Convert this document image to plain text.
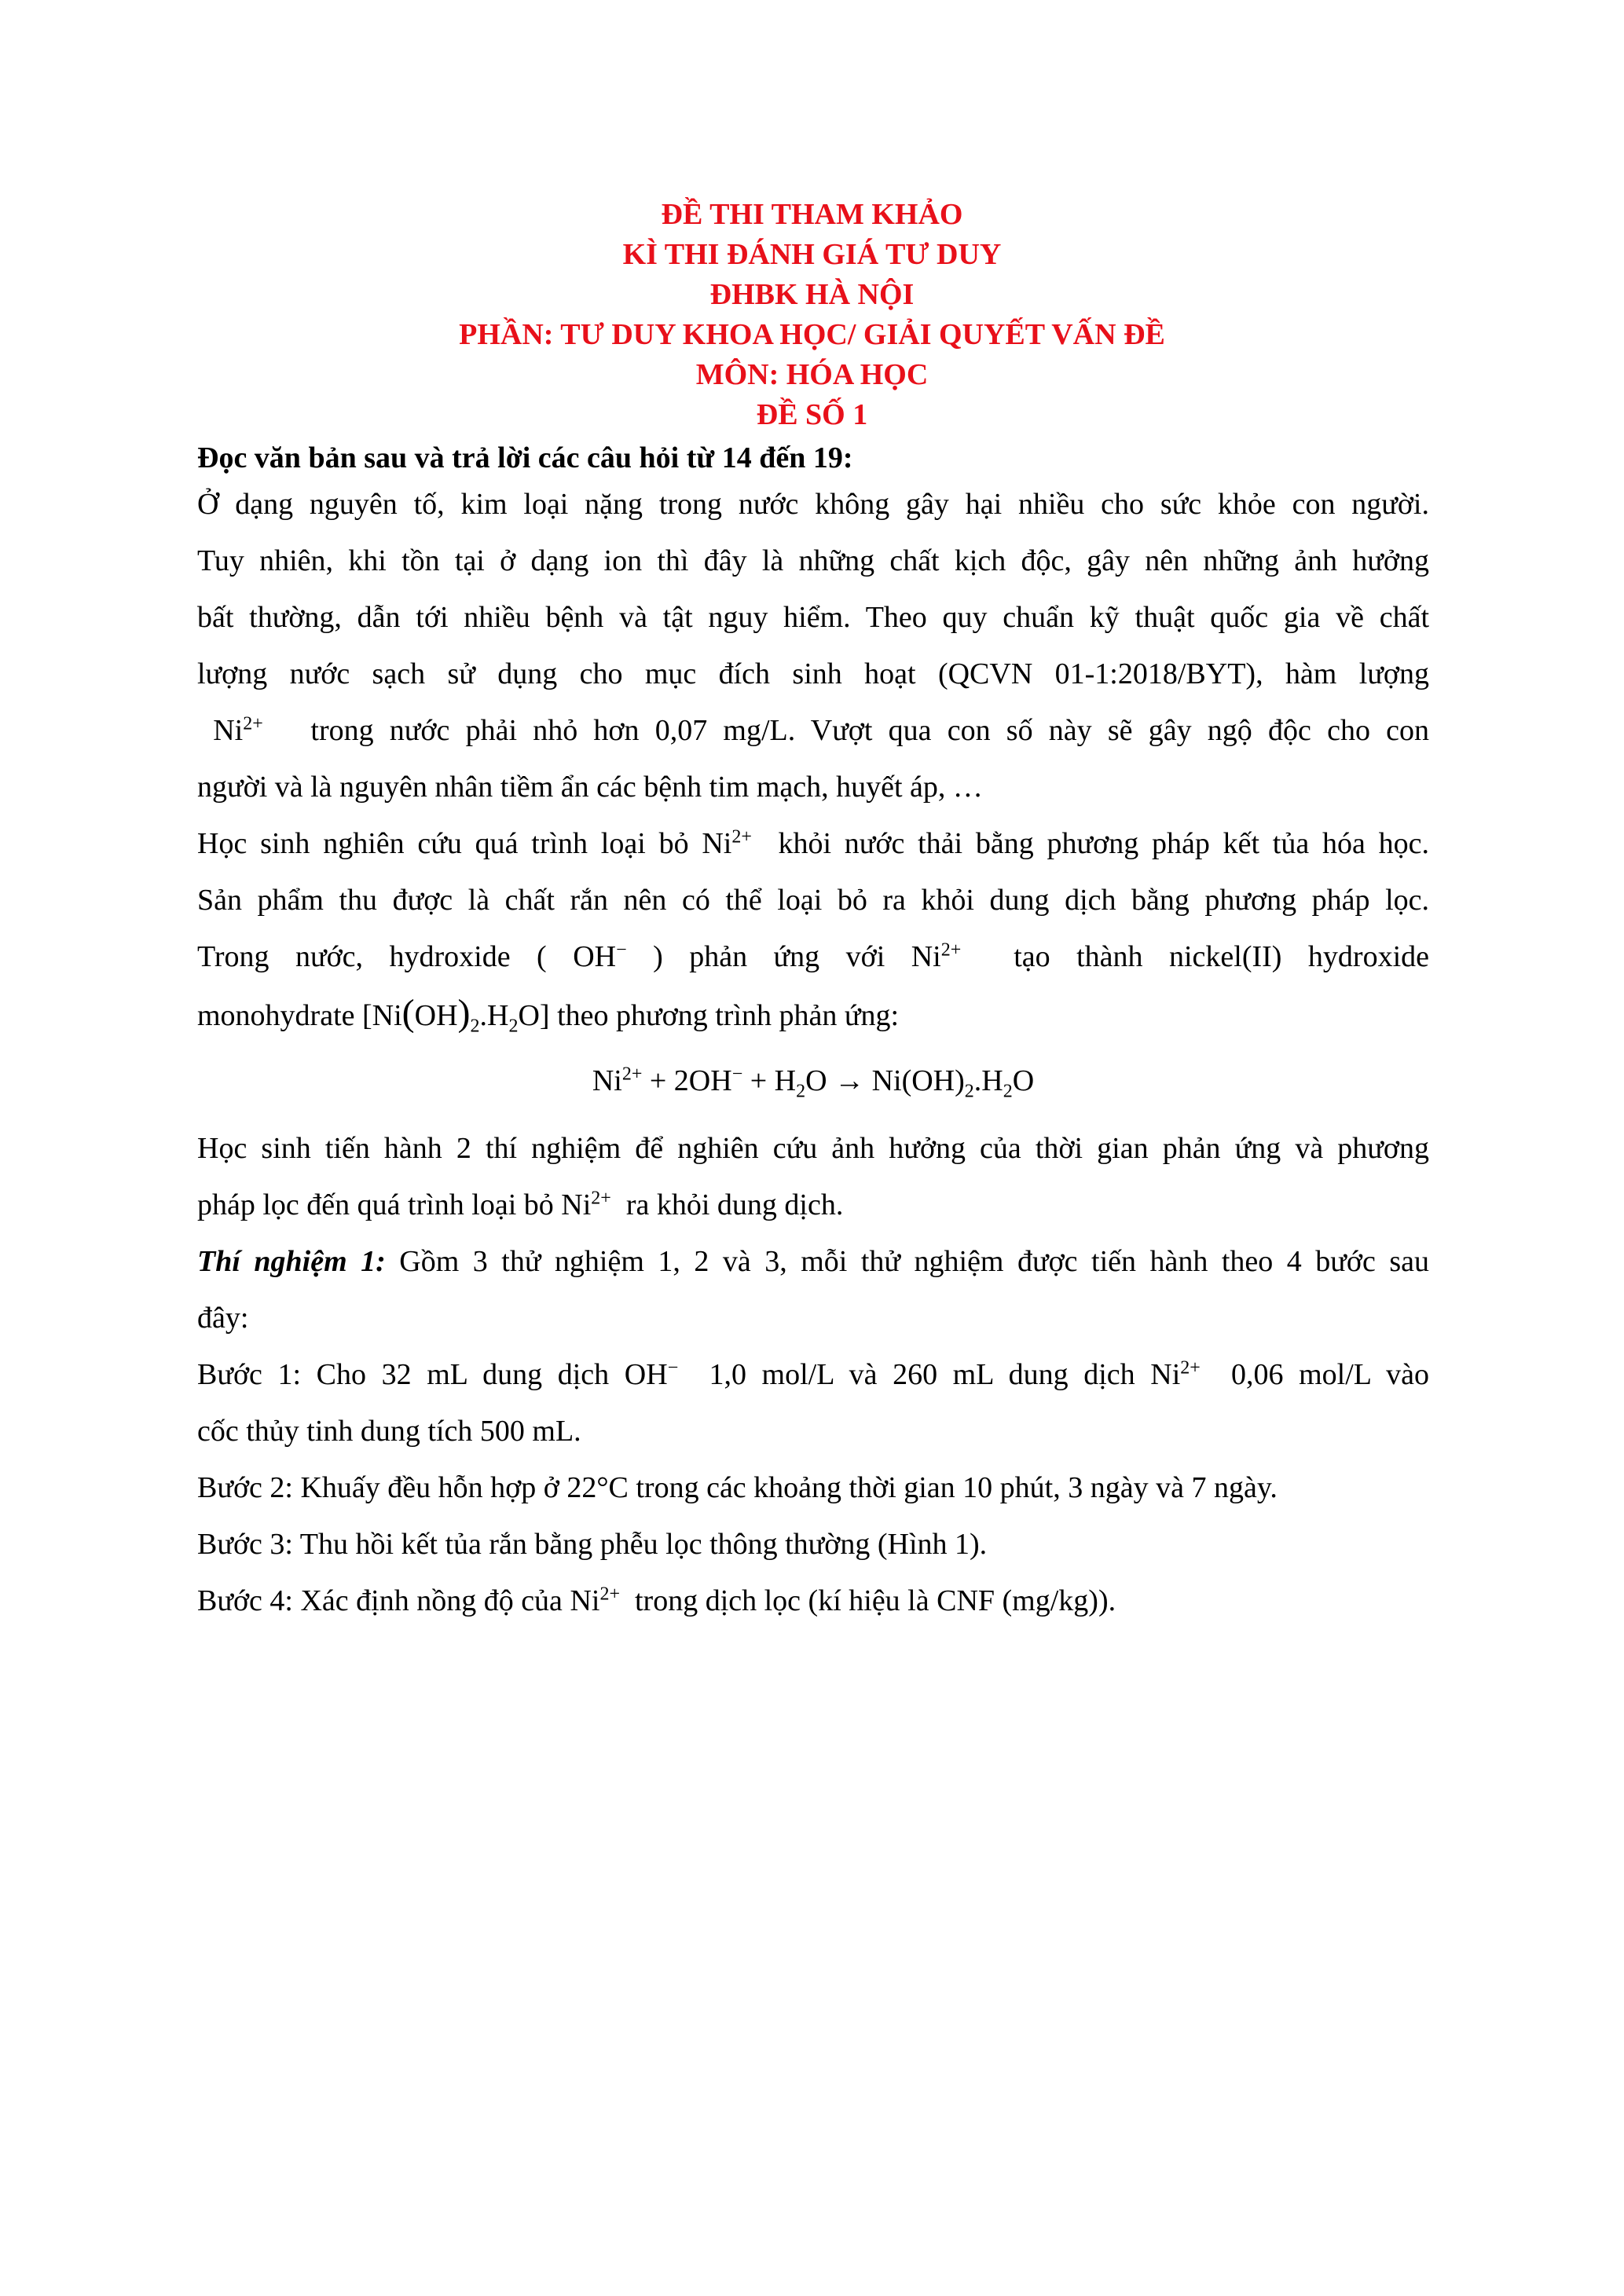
ĐỀ THI THAM KHẢO
KÌ THI ĐÁNH GIÁ TƯ DUY
ĐHBK HÀ NỘI
PHẦN: TƯ DUY KHOA HỌC/ GIẢI QUYẾT VẤN ĐỀ
MÔN: HÓA HỌC
ĐỀ SỐ 1
Đọc văn bản sau và trả lời các câu hỏi từ 14 đến 19:
Ở dạng nguyên tố, kim loại nặng trong nước không gây hại nhiều cho sức khỏe con người.
Tuy nhiên, khi tồn tại ở dạng ion thì đây là những chất kịch độc, gây nên những ảnh hưởng
bất thường, dẫn tới nhiều bệnh và tật nguy hiểm. Theo quy chuẩn kỹ thuật quốc gia về chất
lượng nước sạch sử dụng cho mục đích sinh hoạt (QCVN 01-1:2018/BYT), hàm lượng
$Ni^{2+}$ trong nước phải nhỏ hơn 0,07 mg/L. Vượt qua con số này sẽ gây ngộ độc cho con
người và là nguyên nhân tiềm ẩn các bệnh tim mạch, huyết áp, …
Học sinh nghiên cứu quá trình loại bỏ $Ni^{2+}$ khỏi nước thải bằng phương pháp kết tủa hóa học.
Sản phẩm thu được là chất rắn nên có thể loại bỏ ra khỏi dung dịch bằng phương pháp lọc.
Trong nước, hydroxide ( OH− ) phản ứng với $Ni^{2+}$ tạo thành nickel(II) hydroxide
monohydrate $[Ni(OH)_2.H_2O]$ theo phương trình phản ứng:
$Ni^{2+} + 2OH^- + H_2O \to Ni(OH)_2.H_2O$
Học sinh tiến hành 2 thí nghiệm để nghiên cứu ảnh hưởng của thời gian phản ứng và phương
pháp lọc đến quá trình loại bỏ $Ni^{2+}$ ra khỏi dung dịch.
Thí nghiệm 1: Gồm 3 thử nghiệm 1, 2 và 3, mỗi thử nghiệm được tiến hành theo 4 bước sau
đây:
Bước 1: Cho 32 mL dung dịch OH− 1,0 mol/L và 260 mL dung dịch $Ni^{2+}$ 0,06 mol/L vào
cốc thủy tinh dung tích 500 mL.
Bước 2: Khuấy đều hỗn hợp ở 22°C trong các khoảng thời gian 10 phút, 3 ngày và 7 ngày.
Bước 3: Thu hồi kết tủa rắn bằng phễu lọc thông thường (Hình 1).
Bước 4: Xác định nồng độ của $Ni^{2+}$ trong dịch lọc (kí hiệu là CNF (mg/kg)).
